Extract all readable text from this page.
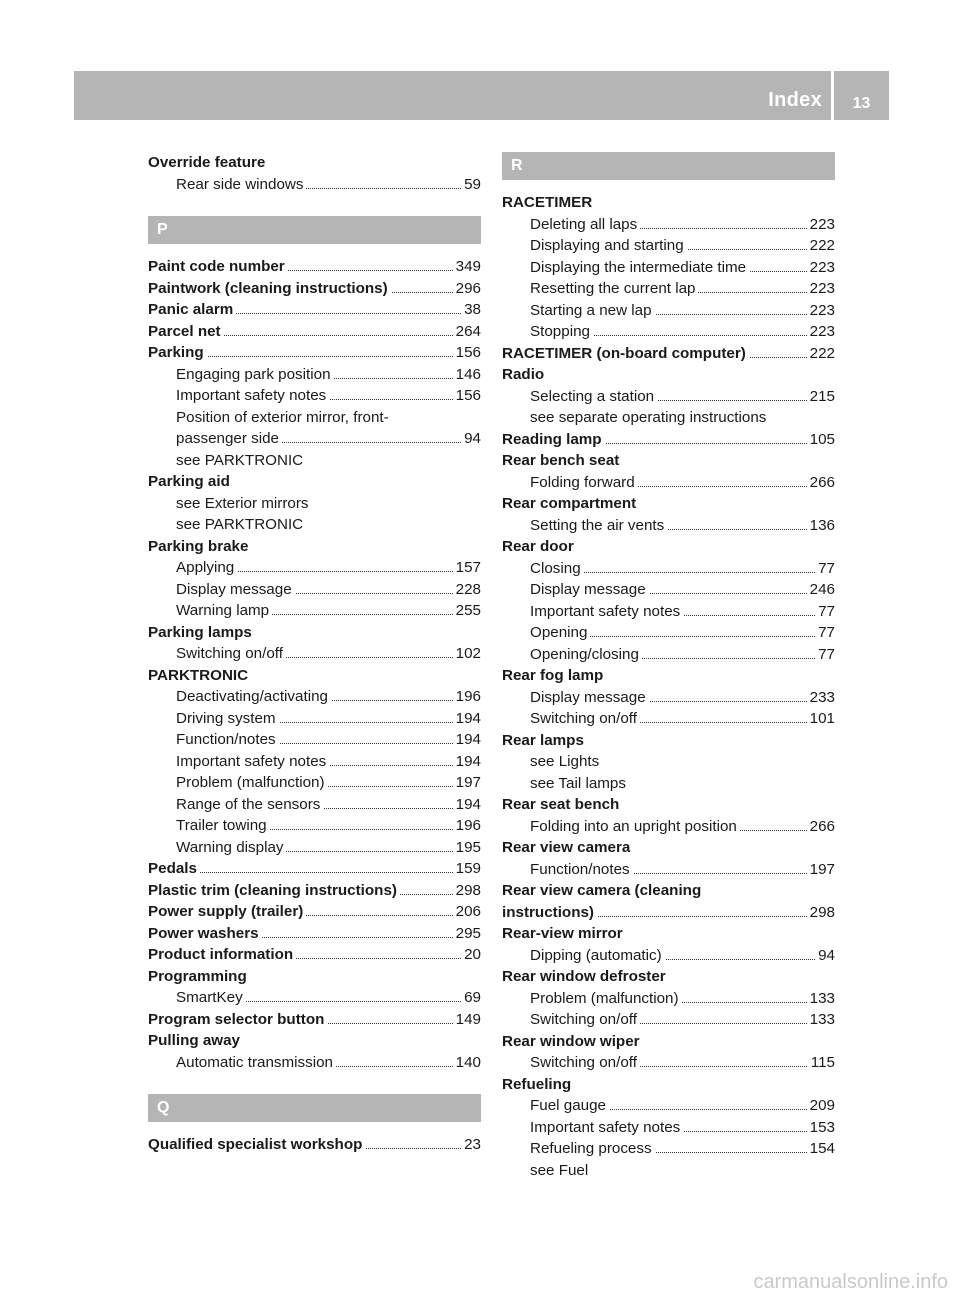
Index	13
Override feature
Rear side windows	59
P
Paint code number	349
Paintwork (cleaning instructions)	296
Panic alarm	38
Parcel net	264
Parking	156
Engaging park position	146
Important safety notes	156
Position of exterior mirror, front-
passenger side	94
see PARKTRONIC
Parking aid
see Exterior mirrors
see PARKTRONIC
Parking brake
Applying	157
Display message	228
Warning lamp	255
Parking lamps
Switching on/off	102
PARKTRONIC
Deactivating/activating	196
Driving system	194
Function/notes	194
Important safety notes	194
Problem (malfunction)	197
Range of the sensors	194
Trailer towing	196
Warning display	195
Pedals	159
Plastic trim (cleaning instructions)	298
Power supply (trailer)	206
Power washers	295
Product information	20
Programming
SmartKey	69
Program selector button	149
Pulling away
Automatic transmission	140
Q
Qualified specialist workshop	23
R
RACETIMER
Deleting all laps	223
Displaying and starting	222
Displaying the intermediate time	223
Resetting the current lap	223
Starting a new lap	223
Stopping	223
RACETIMER (on-board computer)	222
Radio
Selecting a station	215
see separate operating instructions
Reading lamp	105
Rear bench seat
Folding forward	266
Rear compartment
Setting the air vents	136
Rear door
Closing	77
Display message	246
Important safety notes	77
Opening	77
Opening/closing	77
Rear fog lamp
Display message	233
Switching on/off	101
Rear lamps
see Lights
see Tail lamps
Rear seat bench
Folding into an upright position	266
Rear view camera
Function/notes	197
Rear view camera (cleaning
instructions)	298
Rear-view mirror
Dipping (automatic)	94
Rear window defroster
Problem (malfunction)	133
Switching on/off	133
Rear window wiper
Switching on/off	115
Refueling
Fuel gauge	209
Important safety notes	153
Refueling process	154
see Fuel
carmanualsonline.info
